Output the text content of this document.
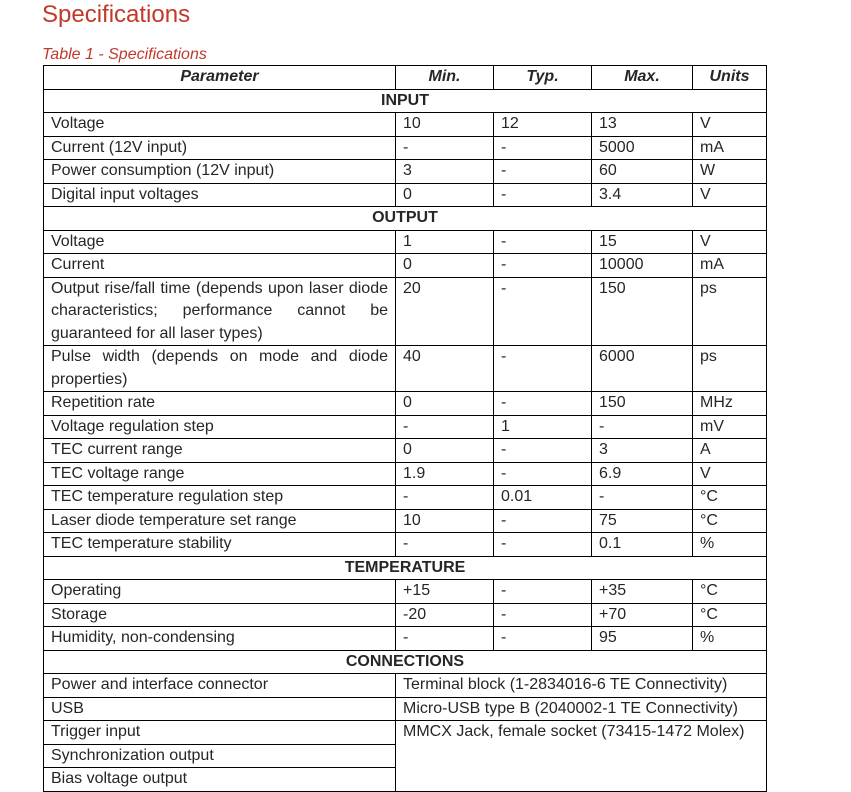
Specifications
Table 1 - Specifications
Parameter	Min.	Typ.	Max.	Units
INPUT				
Voltage	10	12	13	V
Current (12V input)	-	-	5000	mA
Power consumption (12V input)	3	-	60	W
Digital input voltages	0	-	3.4	V
OUTPUT				
Voltage	1	-	15	V
Current	0	-	10000	mA
Output rise/fall time (depends upon laser diode characteristics; performance cannot be guaranteed for all laser types)	20	-	150	ps
Pulse width (depends on mode and diode properties)	40	-	6000	ps
Repetition rate	0	-	150	MHz
Voltage regulation step	-	1	-	mV
TEC current range	0	-	3	A
TEC voltage range	1.9	-	6.9	V
TEC temperature regulation step	-	0.01	-	°C
Laser diode temperature set range	10	-	75	°C
TEC temperature stability	-	-	0.1	%
TEMPERATURE				
Operating	+15	-	+35	°C
Storage	-20	-	+70	°C
Humidity, non-condensing	-	-	95	%
CONNECTIONS				
Power and interface connector	Terminal block (1-2834016-6 TE Connectivity)			
USB	Micro-USB type B (2040002-1 TE Connectivity)			
Trigger input	MMCX Jack, female socket (73415-1472 Molex)			
Synchronization output				
Bias voltage output				
